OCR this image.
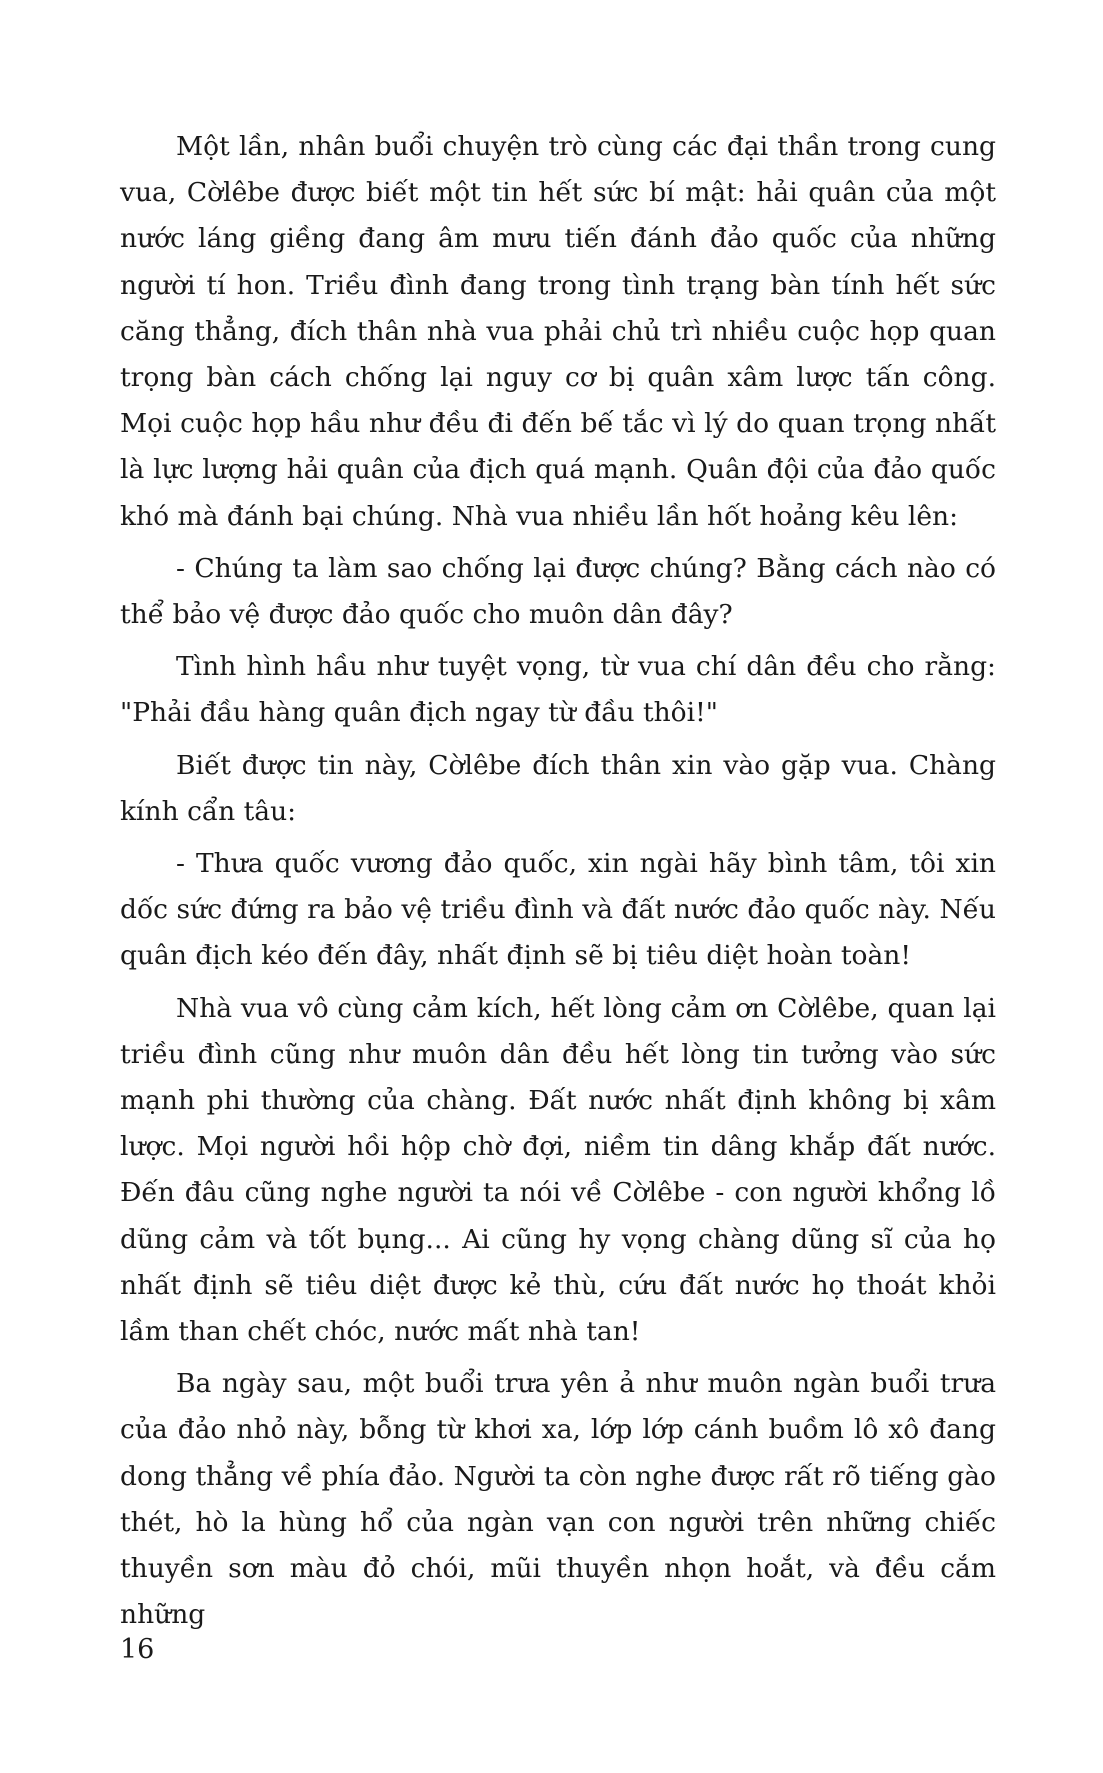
Một lần, nhân buổi chuyện trò cùng các đại thần trong cung vua, Cờlêbe được biết một tin hết sức bí mật: hải quân của một nước láng giềng đang âm mưu tiến đánh đảo quốc của những người tí hon. Triều đình đang trong tình trạng bàn tính hết sức căng thẳng, đích thân nhà vua phải chủ trì nhiều cuộc họp quan trọng bàn cách chống lại nguy cơ bị quân xâm lược tấn công. Mọi cuộc họp hầu như đều đi đến bế tắc vì lý do quan trọng nhất là lực lượng hải quân của địch quá mạnh. Quân đội của đảo quốc khó mà đánh bại chúng. Nhà vua nhiều lần hốt hoảng kêu lên:

- Chúng ta làm sao chống lại được chúng? Bằng cách nào có thể bảo vệ được đảo quốc cho muôn dân đây?

Tình hình hầu như tuyệt vọng, từ vua chí dân đều cho rằng: "Phải đầu hàng quân địch ngay từ đầu thôi!"

Biết được tin này, Cờlêbe đích thân xin vào gặp vua. Chàng kính cẩn tâu:

- Thưa quốc vương đảo quốc, xin ngài hãy bình tâm, tôi xin dốc sức đứng ra bảo vệ triều đình và đất nước đảo quốc này. Nếu quân địch kéo đến đây, nhất định sẽ bị tiêu diệt hoàn toàn!

Nhà vua vô cùng cảm kích, hết lòng cảm ơn Cờlêbe, quan lại triều đình cũng như muôn dân đều hết lòng tin tưởng vào sức mạnh phi thường của chàng. Đất nước nhất định không bị xâm lược. Mọi người hồi hộp chờ đợi, niềm tin dâng khắp đất nước. Đến đâu cũng nghe người ta nói về Cờlêbe - con người khổng lồ dũng cảm và tốt bụng... Ai cũng hy vọng chàng dũng sĩ của họ nhất định sẽ tiêu diệt được kẻ thù, cứu đất nước họ thoát khỏi lầm than chết chóc, nước mất nhà tan!

Ba ngày sau, một buổi trưa yên ả như muôn ngàn buổi trưa của đảo nhỏ này, bỗng từ khơi xa, lớp lớp cánh buồm lô xô đang dong thẳng về phía đảo. Người ta còn nghe được rất rõ tiếng gào thét, hò la hùng hổ của ngàn vạn con người trên những chiếc thuyền sơn màu đỏ chói, mũi thuyền nhọn hoắt, và đều cắm những

16
